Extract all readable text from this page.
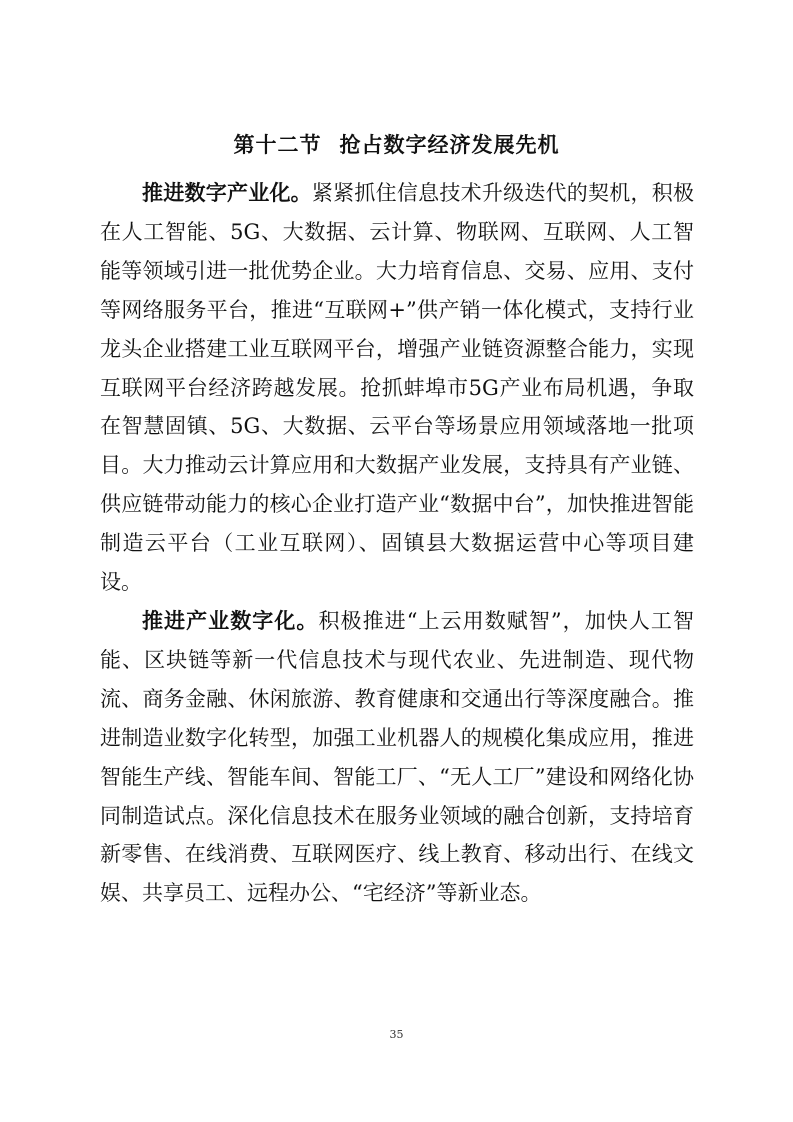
第十二节 抢占数字经济发展先机

推进数字产业化。紧紧抓住信息技术升级迭代的契机，积极在人工智能、5G、大数据、云计算、物联网、互联网、人工智能等领域引进一批优势企业。大力培育信息、交易、应用、支付等网络服务平台，推进“互联网+”供产销一体化模式，支持行业龙头企业搭建工业互联网平台，增强产业链资源整合能力，实现互联网平台经济跨越发展。抢抓蚌埠市5G产业布局机遇，争取在智慧固镇、5G、大数据、云平台等场景应用领域落地一批项目。大力推动云计算应用和大数据产业发展，支持具有产业链、供应链带动能力的核心企业打造产业“数据中台”，加快推进智能制造云平台（工业互联网）、固镇县大数据运营中心等项目建设。

推进产业数字化。积极推进“上云用数赋智”，加快人工智能、区块链等新一代信息技术与现代农业、先进制造、现代物流、商务金融、休闲旅游、教育健康和交通出行等深度融合。推进制造业数字化转型，加强工业机器人的规模化集成应用，推进智能生产线、智能车间、智能工厂、“无人工厂”建设和网络化协同制造试点。深化信息技术在服务业领域的融合创新，支持培育新零售、在线消费、互联网医疗、线上教育、移动出行、在线文娱、共享员工、远程办公、“宅经济”等新业态。

35
